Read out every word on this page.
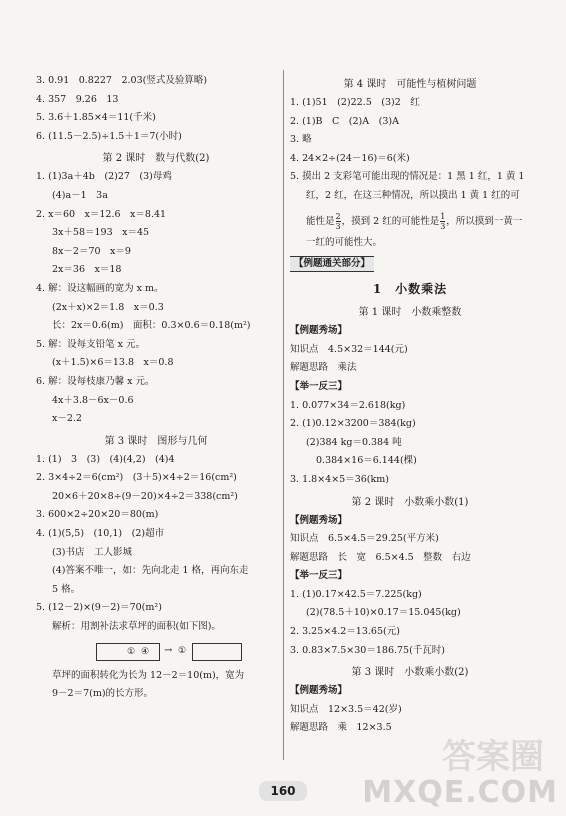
3. 0.91　0.8227　2.03(竖式及验算略)
4. 357　9.26　13
5. 3.6＋1.85×4＝11(千米)
6. (11.5－2.5)÷1.5＋1＝7(小时)
第 2 课时　数与代数(2)
1. (1)3a＋4b　(2)27　(3)母鸡
(4)a－1　3a
2. x＝60　x＝12.6　x＝8.41
3x＋58＝193　x＝45
8x－2＝70　x＝9
2x＝36　x＝18
4. 解：设这幅画的宽为 x m。
(2x＋x)×2＝1.8　x＝0.3
长：2x＝0.6(m)　面积：0.3×0.6＝0.18(m²)
5. 解：设每支铅笔 x 元。
(x＋1.5)×6＝13.8　x＝0.8
6. 解：设每枝康乃馨 x 元。
4x＋3.8－6x－0.6
x－2.2
第 3 课时　图形与几何
1. (1)　3　(3)　(4)(4,2)　(4)4
2. 3×4÷2＝6(cm²)　(3＋5)×4÷2＝16(cm²)
20×6＋20×8÷(9－20)×4÷2＝338(cm²)
3. 600×2÷20×20＝80(m)
4. (1)(5,5)　(10,1)　(2)超市
(3)书店　工人影城
(4)答案不唯一，如：先向北走 1 格，再向东走
5 格。
5. (12－2)×(9－2)＝70(m²)
解析：用割补法求草坪的面积(如下图)。
① ④ → ①
草坪的面积转化为长为 12－2＝10(m)，宽为
9－2＝7(m)的长方形。
第 4 课时　可能性与植树问题
1. (1)51　(2)22.5　(3)2　红
2. (1)B　C　(2)A　(3)A
3. 略
4. 24×2÷(24－16)＝6(米)
5. 摸出 2 支彩笔可能出现的情况是：1 黑 1 红，1 黄 1
红，2 红，在这三种情况，所以摸出 1 黄 1 红的可
能性是 $\frac{2}{3}$ ，摸到 2 红的可能性是 $\frac{1}{3}$ ，所以摸到一黄一
一红的可能性大。
【例题通关部分】
1　小数乘法
第 1 课时　小数乘整数
【例题秀场】
知识点　4.5×32＝144(元)
解题思路　乘法
【举一反三】
1. 0.077×34＝2.618(kg)
2. (1)0.12×3200＝384(kg)
(2)384 kg＝0.384 吨
0.384×16＝6.144(棵)
3. 1.8×4×5＝36(km)
第 2 课时　小数乘小数(1)
【例题秀场】
知识点　6.5×4.5＝29.25(平方米)
解题思路　长　宽　6.5×4.5　整数　右边
【举一反三】
1. (1)0.17×42.5＝7.225(kg)
(2)(78.5＋10)×0.17＝15.045(kg)
2. 3.25×4.2＝13.65(元)
3. 0.83×7.5×30＝186.75(千瓦时)
第 3 课时　小数乘小数(2)
【例题秀场】
知识点　12×3.5＝42(岁)
解题思路　乘　12×3.5
160
答案圈
MXQE.COM
